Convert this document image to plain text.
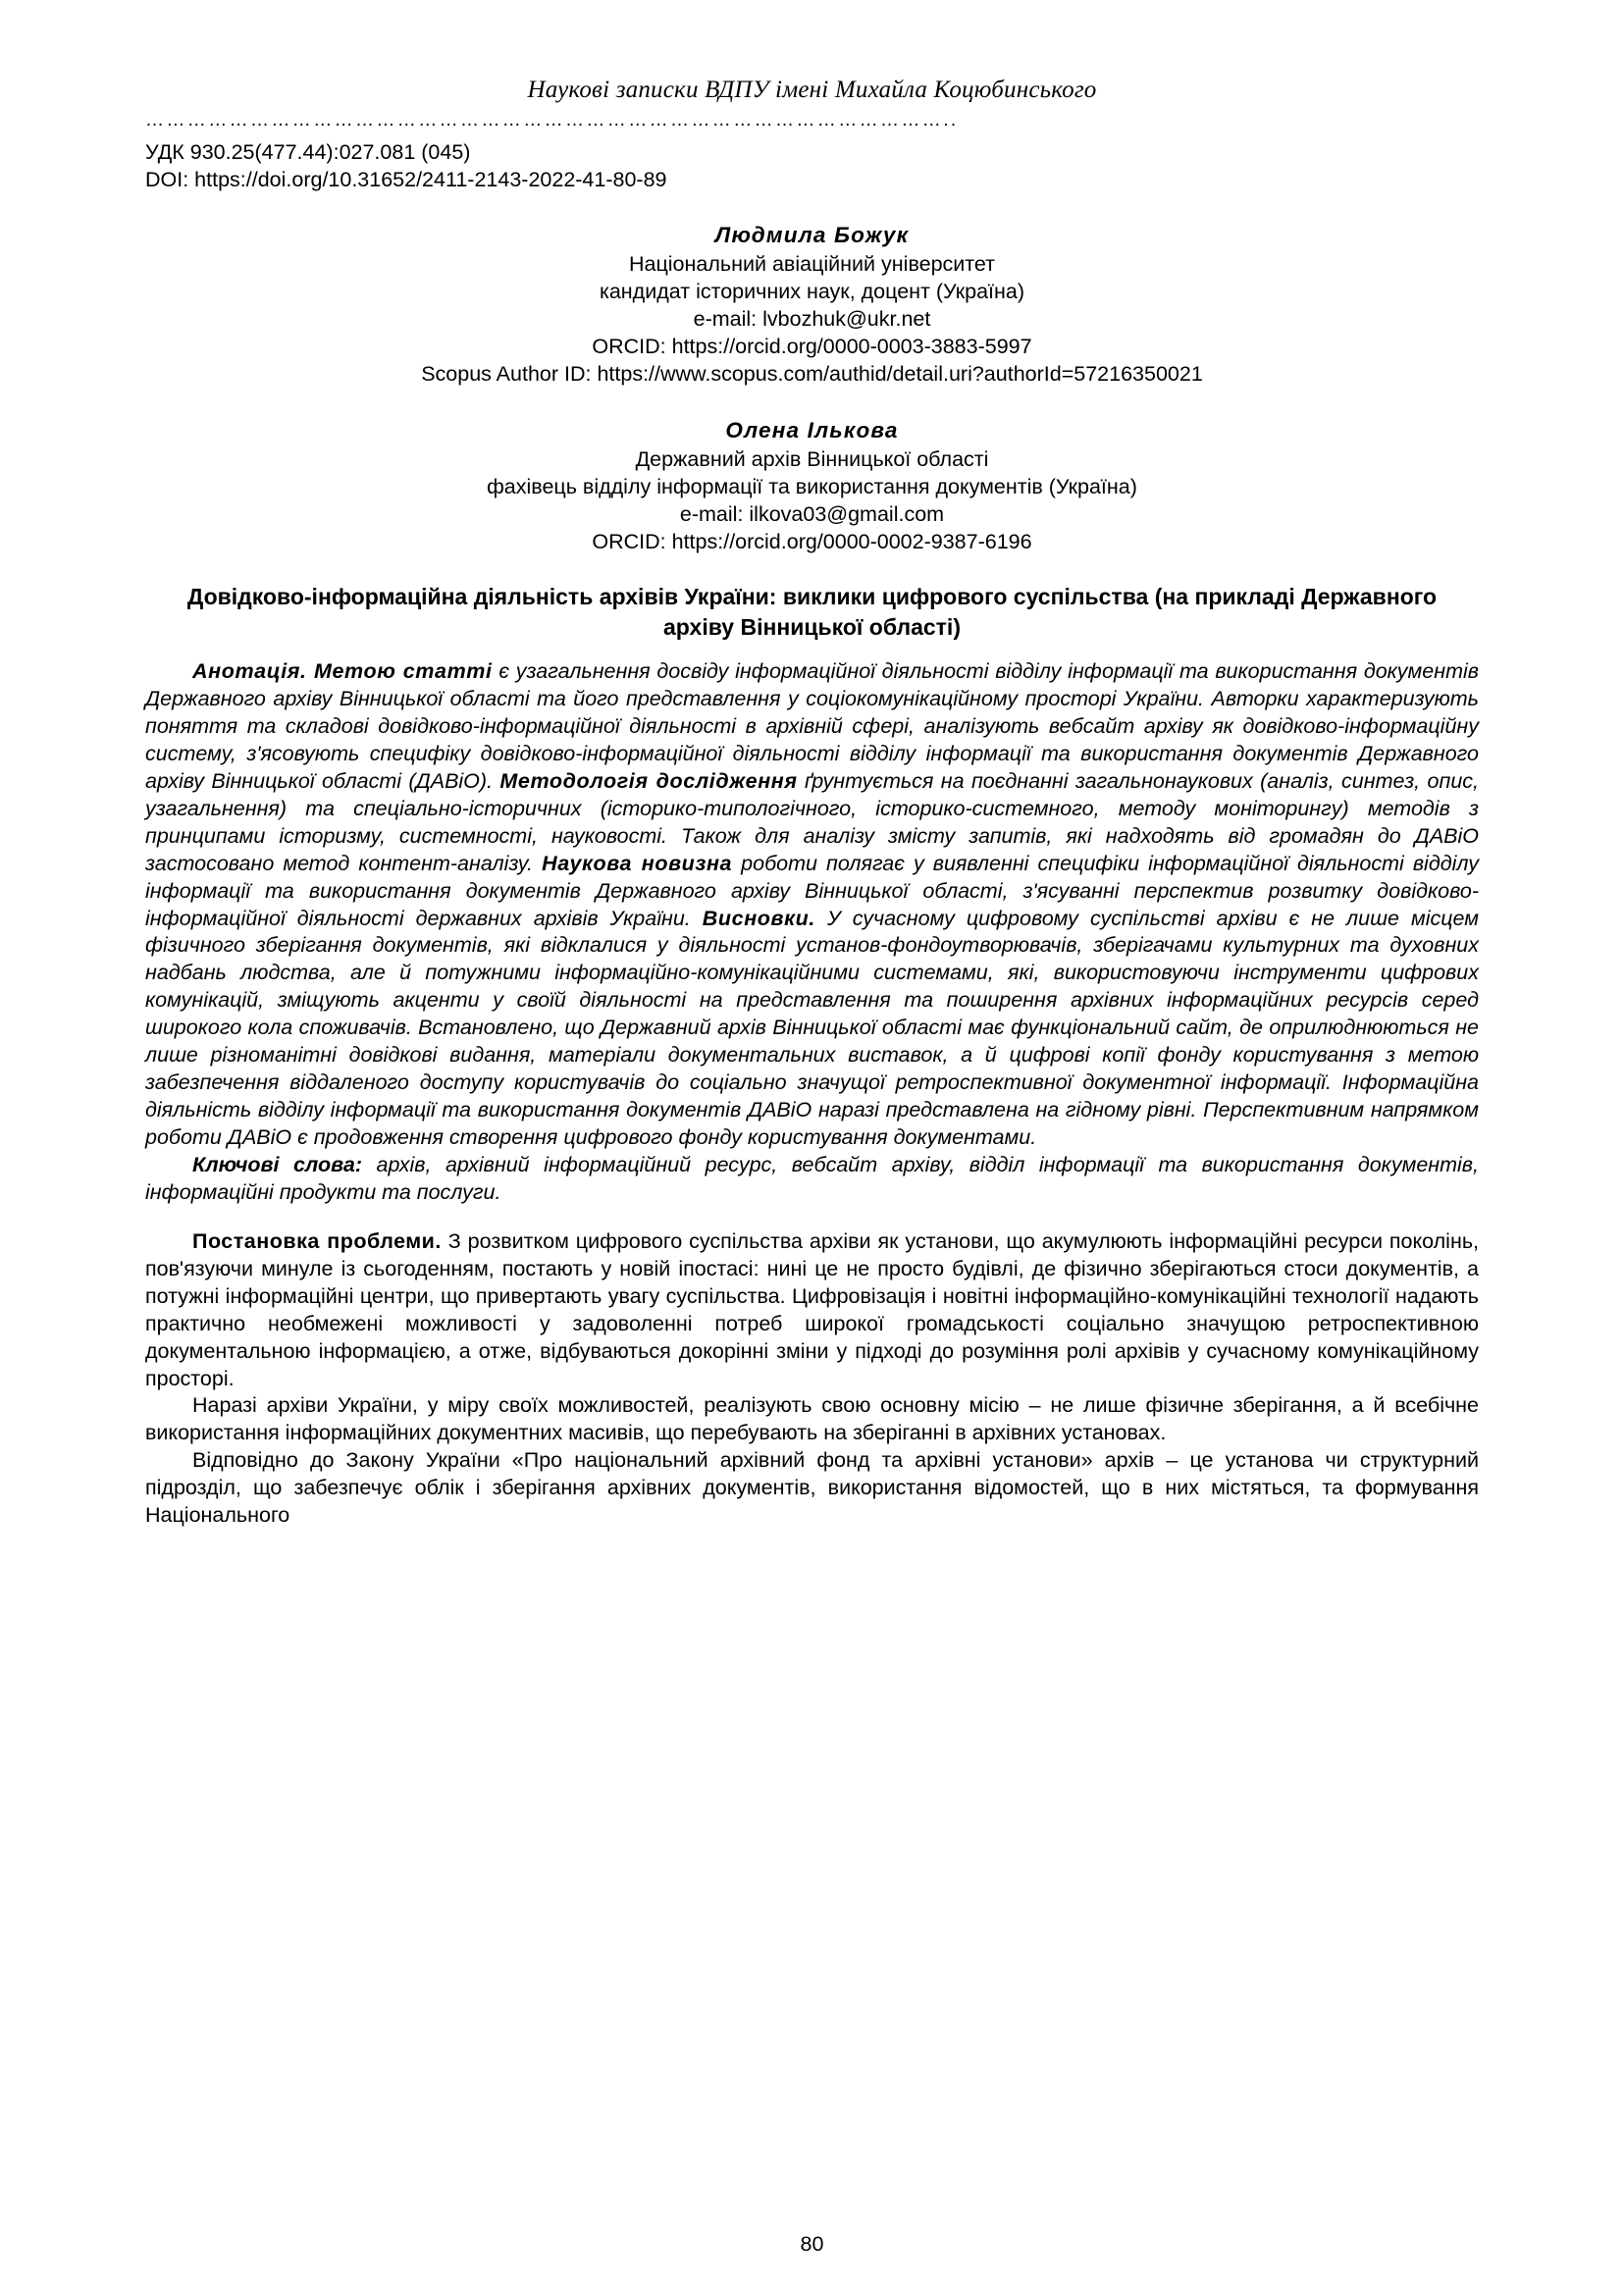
Наукові записки ВДПУ імені Михайла Коцюбинського
……………………………………………………………………………………………………..
УДК 930.25(477.44):027.081 (045)
DOI: https://doi.org/10.31652/2411-2143-2022-41-80-89
Людмила Божук
Національний авіаційний університет
кандидат історичних наук, доцент (Україна)
e-mail: lvbozhuk@ukr.net
ORCID: https://orcid.org/0000-0003-3883-5997
Scopus Author ID: https://www.scopus.com/authid/detail.uri?authorId=57216350021
Олена Ількова
Державний архів Вінницької області
фахівець відділу інформації та використання документів (Україна)
e-mail: ilkova03@gmail.com
ORCID: https://orcid.org/0000-0002-9387-6196
Довідково-інформаційна діяльність архівів України: виклики цифрового суспільства (на прикладі Державного архіву Вінницької області)

Анотація. Метою статті є узагальнення досвіду інформаційної діяльності відділу інформації та використання документів Державного архіву Вінницької області та його представлення у соціокомунікаційному просторі України. Авторки характеризують поняття та складові довідково-інформаційної діяльності в архівній сфері, аналізують вебсайт архіву як довідково-інформаційну систему, з'ясовують специфіку довідково-інформаційної діяльності відділу інформації та використання документів Державного архіву Вінницької області (ДАВіО). Методологія дослідження ґрунтується на поєднанні загальнонаукових (аналіз, синтез, опис, узагальнення) та спеціально-історичних (історико-типологічного, історико-системного, методу моніторингу) методів з принципами історизму, системності, науковості. Також для аналізу змісту запитів, які надходять від громадян до ДАВіО застосовано метод контент-аналізу. Наукова новизна роботи полягає у виявленні специфіки інформаційної діяльності відділу інформації та використання документів Державного архіву Вінницької області, з'ясуванні перспектив розвитку довідково-інформаційної діяльності державних архівів України. Висновки. У сучасному цифровому суспільстві архіви є не лише місцем фізичного зберігання документів, які відклалися у діяльності установ-фондоутворювачів, зберігачами культурних та духовних надбань людства, але й потужними інформаційно-комунікаційними системами, які, використовуючи інструменти цифрових комунікацій, зміщують акценти у своїй діяльності на представлення та поширення архівних інформаційних ресурсів серед широкого кола споживачів. Встановлено, що Державний архів Вінницької області має функціональний сайт, де оприлюднюються не лише різноманітні довідкові видання, матеріали документальних виставок, а й цифрові копії фонду користування з метою забезпечення віддаленого доступу користувачів до соціально значущої ретроспективної документної інформації. Інформаційна діяльність відділу інформації та використання документів ДАВіО наразі представлена на гідному рівні. Перспективним напрямком роботи ДАВіО є продовження створення цифрового фонду користування документами.

Ключові слова: архів, архівний інформаційний ресурс, вебсайт архіву, відділ інформації та використання документів, інформаційні продукти та послуги.

Постановка проблеми. З розвитком цифрового суспільства архіви як установи, що акумулюють інформаційні ресурси поколінь, пов'язуючи минуле із сьогоденням, постають у новій іпостасі: нині це не просто будівлі, де фізично зберігаються стоси документів, а потужні інформаційні центри, що привертають увагу суспільства. Цифровізація і новітні інформаційно-комунікаційні технології надають практично необмежені можливості у задоволенні потреб широкої громадськості соціально значущою ретроспективною документальною інформацією, а отже, відбуваються докорінні зміни у підході до розуміння ролі архівів у сучасному комунікаційному просторі.

Наразі архіви України, у міру своїх можливостей, реалізують свою основну місію – не лише фізичне зберігання, а й всебічне використання інформаційних документних масивів, що перебувають на зберіганні в архівних установах.

Відповідно до Закону України «Про національний архівний фонд та архівні установи» архів – це установа чи структурний підрозділ, що забезпечує облік і зберігання архівних документів, використання відомостей, що в них містяться, та формування Національного

80
